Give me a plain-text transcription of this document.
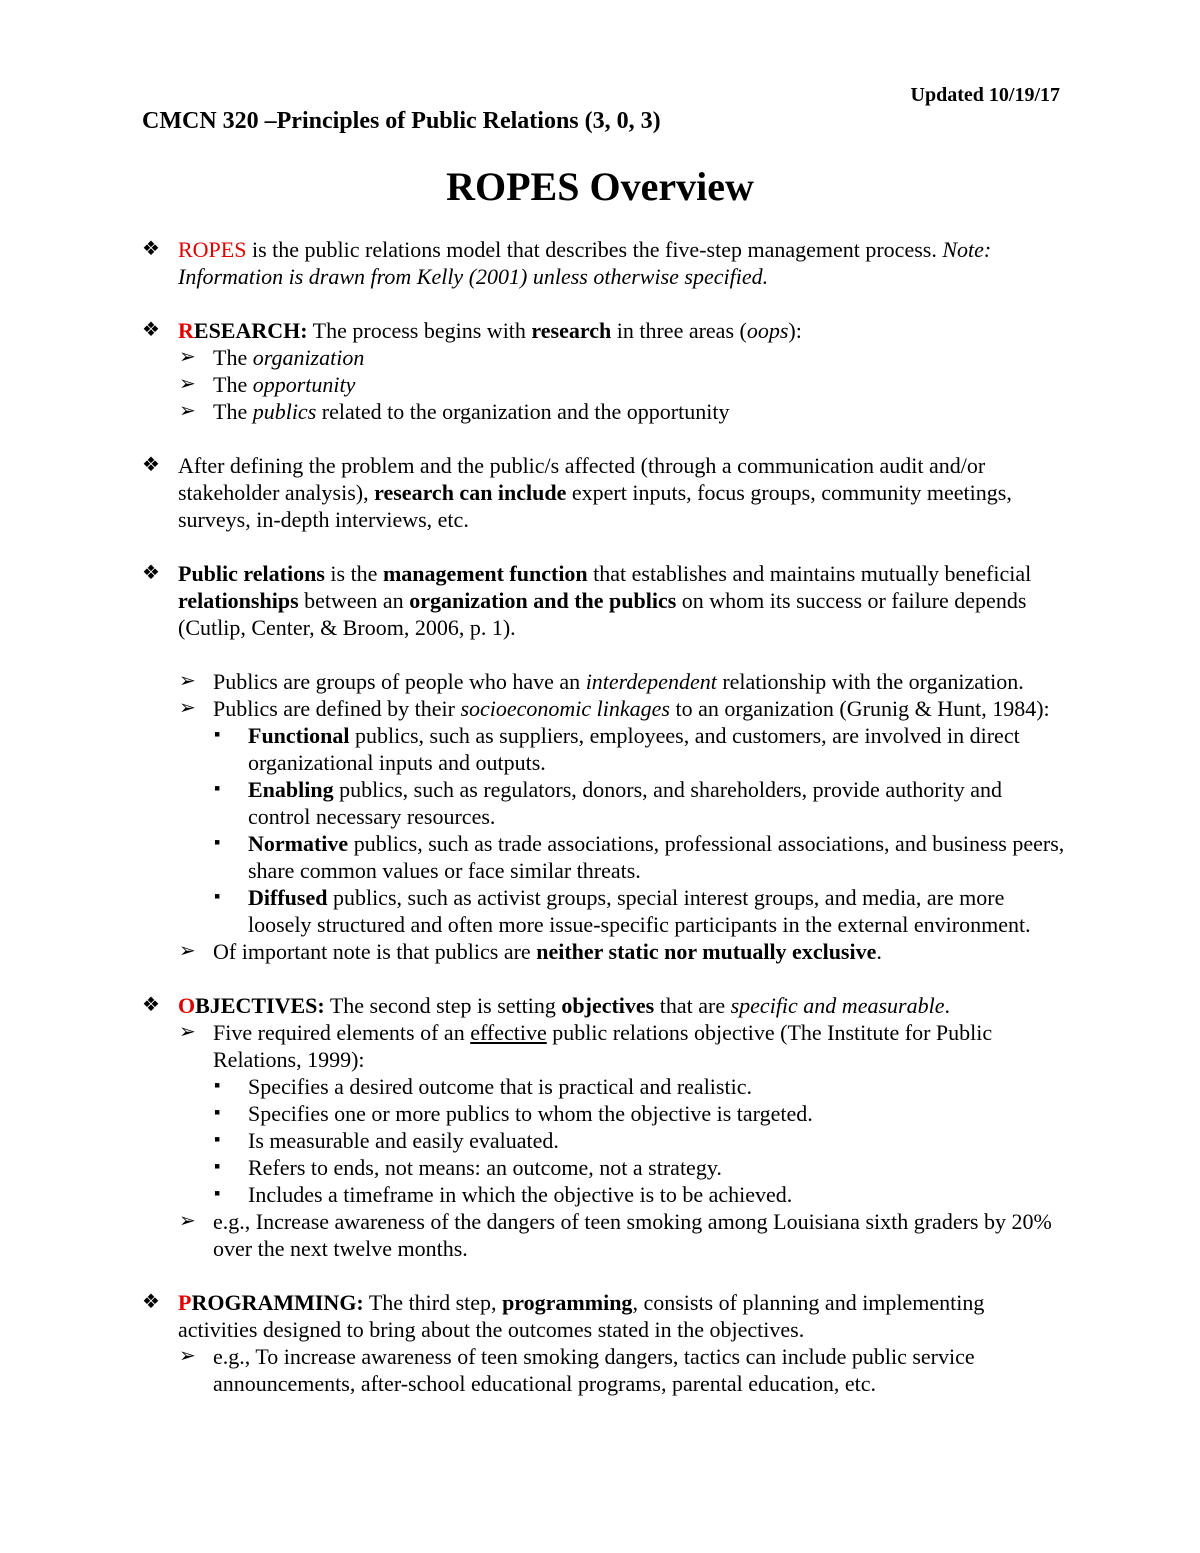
Updated 10/19/17
CMCN 320 –Principles of Public Relations (3, 0, 3)
ROPES Overview

❖ ROPES is the public relations model that describes the five-step management process. Note: Information is drawn from Kelly (2001) unless otherwise specified.

❖ RESEARCH: The process begins with research in three areas (oops):

➢ The organization

➢ The opportunity

➢ The publics related to the organization and the opportunity

❖ After defining the problem and the public/s affected (through a communication audit and/or stakeholder analysis), research can include expert inputs, focus groups, community meetings, surveys, in-depth interviews, etc.

❖ Public relations is the management function that establishes and maintains mutually beneficial relationships between an organization and the publics on whom its success or failure depends (Cutlip, Center, & Broom, 2006, p. 1).

➢ Publics are groups of people who have an interdependent relationship with the organization.

➢ Publics are defined by their socioeconomic linkages to an organization (Grunig & Hunt, 1984):

▪ Functional publics, such as suppliers, employees, and customers, are involved in direct organizational inputs and outputs.

▪ Enabling publics, such as regulators, donors, and shareholders, provide authority and control necessary resources.

▪ Normative publics, such as trade associations, professional associations, and business peers, share common values or face similar threats.

▪ Diffused publics, such as activist groups, special interest groups, and media, are more loosely structured and often more issue-specific participants in the external environment.

➢ Of important note is that publics are neither static nor mutually exclusive.

❖ OBJECTIVES: The second step is setting objectives that are specific and measurable.

➢ Five required elements of an effective public relations objective (The Institute for Public Relations, 1999):

▪ Specifies a desired outcome that is practical and realistic.

▪ Specifies one or more publics to whom the objective is targeted.

▪ Is measurable and easily evaluated.

▪ Refers to ends, not means: an outcome, not a strategy.

▪ Includes a timeframe in which the objective is to be achieved.

➢ e.g., Increase awareness of the dangers of teen smoking among Louisiana sixth graders by 20% over the next twelve months.

❖ PROGRAMMING: The third step, programming, consists of planning and implementing activities designed to bring about the outcomes stated in the objectives.

➢ e.g., To increase awareness of teen smoking dangers, tactics can include public service announcements, after-school educational programs, parental education, etc.
